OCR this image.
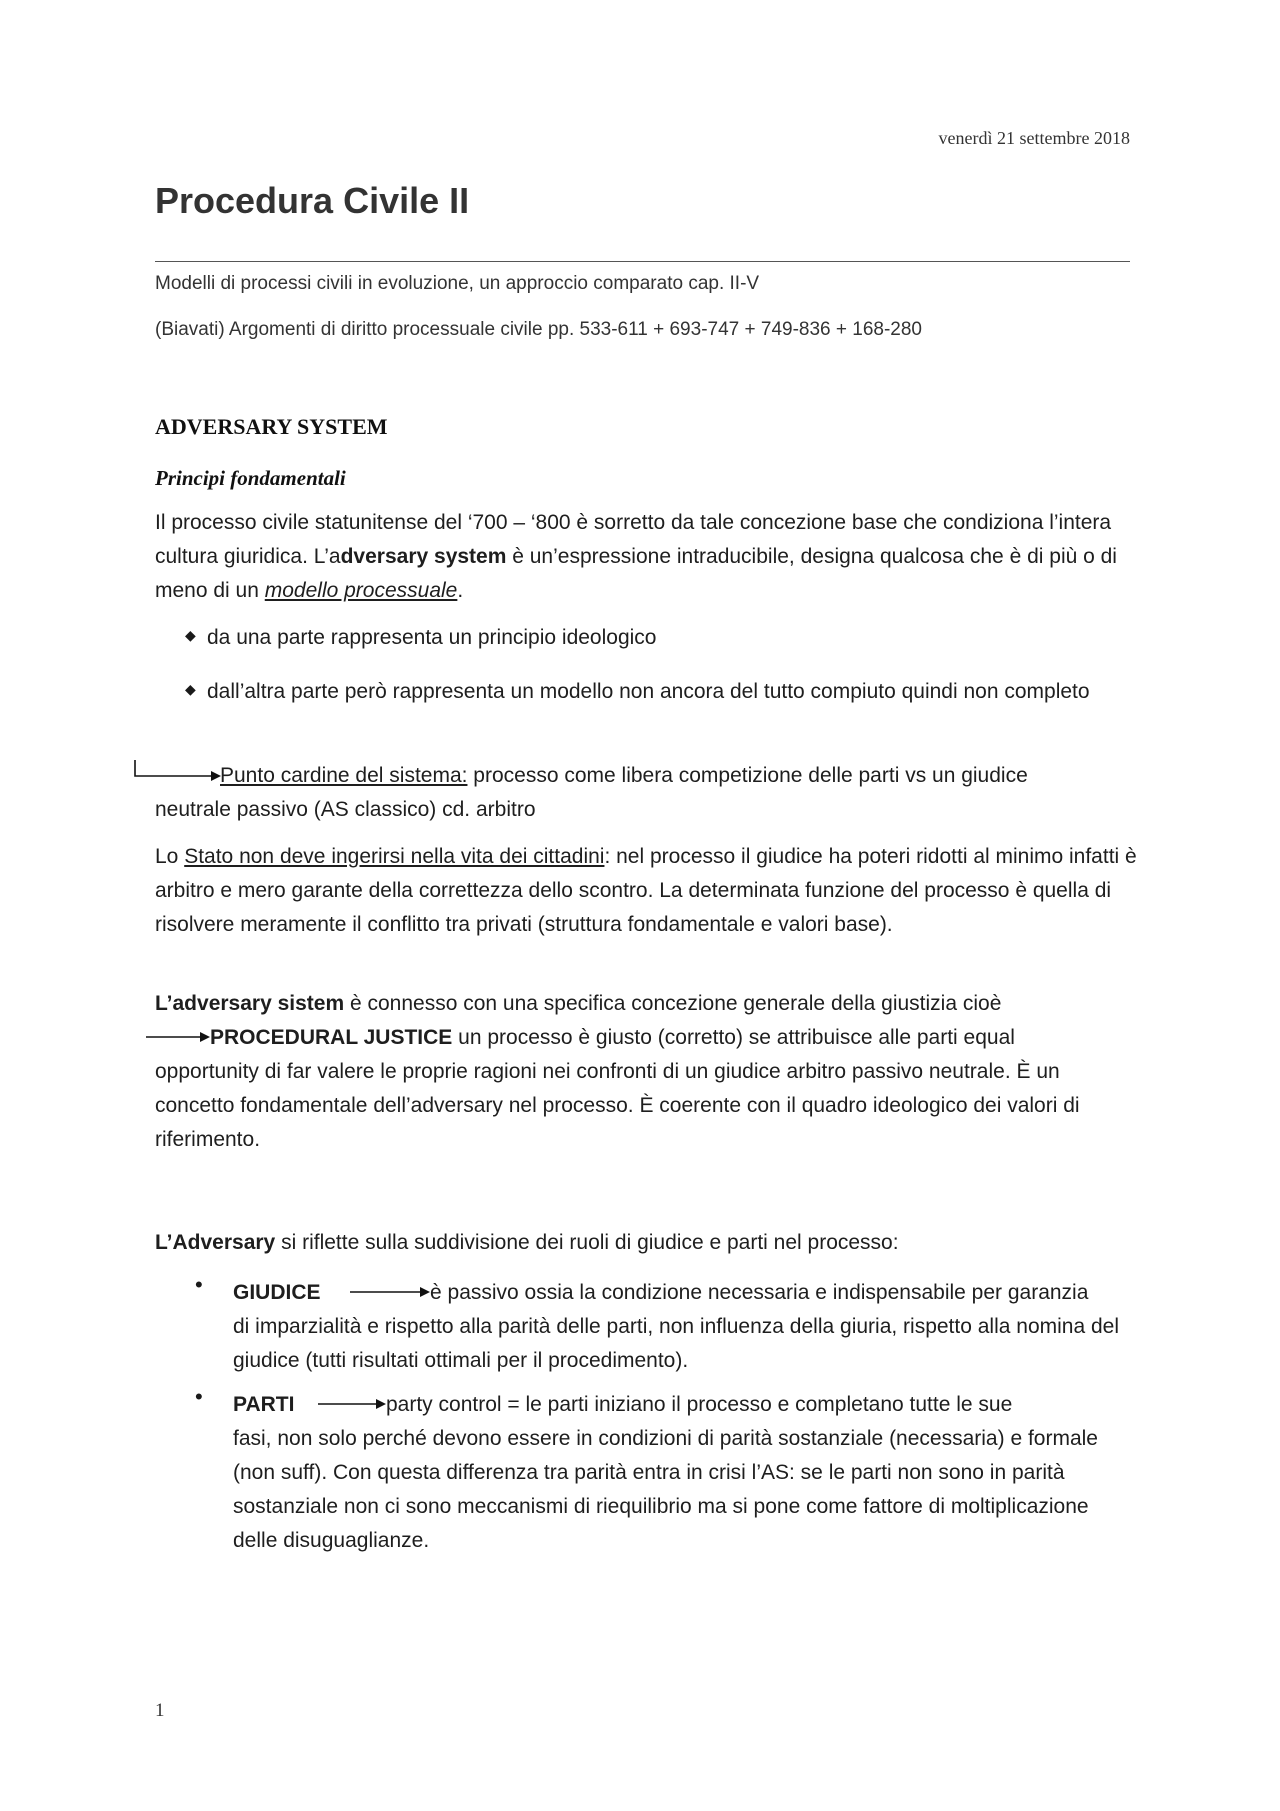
venerdì 21 settembre 2018
Procedura Civile II
Modelli di processi civili in evoluzione, un approccio comparato cap. II-V
(Biavati) Argomenti di diritto processuale civile pp. 533-611 + 693-747 + 749-836 + 168-280
ADVERSARY SYSTEM
Principi fondamentali

Il processo civile statunitense del ‘700 – ‘800 è sorretto da tale concezione base che condiziona l’intera cultura giuridica. L’adversary system è un’espressione intraducibile, designa qualcosa che è di più o di meno di un modello processuale.

◆ da una parte rappresenta un principio ideologico

◆ dall’altra parte però rappresenta un modello non ancora del tutto compiuto quindi non completo

Punto cardine del sistema: processo come libera competizione delle parti vs un giudice

neutrale passivo (AS classico) cd. arbitro

Lo Stato non deve ingerirsi nella vita dei cittadini: nel processo il giudice ha poteri ridotti al minimo infatti è arbitro e mero garante della correttezza dello scontro. La determinata funzione del processo è quella di risolvere meramente il conflitto tra privati (struttura fondamentale e valori base).

L’adversary sistem è connesso con una specifica concezione generale della giustizia cioè

PROCEDURAL JUSTICE un processo è giusto (corretto) se attribuisce alle parti equal

opportunity di far valere le proprie ragioni nei confronti di un giudice arbitro passivo neutrale. È un concetto fondamentale dell’adversary nel processo. È coerente con il quadro ideologico dei valori di riferimento.

L’Adversary si riflette sulla suddivisione dei ruoli di giudice e parti nel processo:

• GIUDICE	è passivo ossia la condizione necessaria e indispensabile per garanzia

di imparzialità e rispetto alla parità delle parti, non influenza della giuria, rispetto alla nomina del giudice (tutti risultati ottimali per il procedimento).

• PARTI	party control = le parti iniziano il processo e completano tutte le sue

fasi, non solo perché devono essere in condizioni di parità sostanziale (necessaria) e formale (non suff). Con questa differenza tra parità entra in crisi l’AS: se le parti non sono in parità sostanziale non ci sono meccanismi di riequilibrio ma si pone come fattore di moltiplicazione delle disuguaglianze.

1
